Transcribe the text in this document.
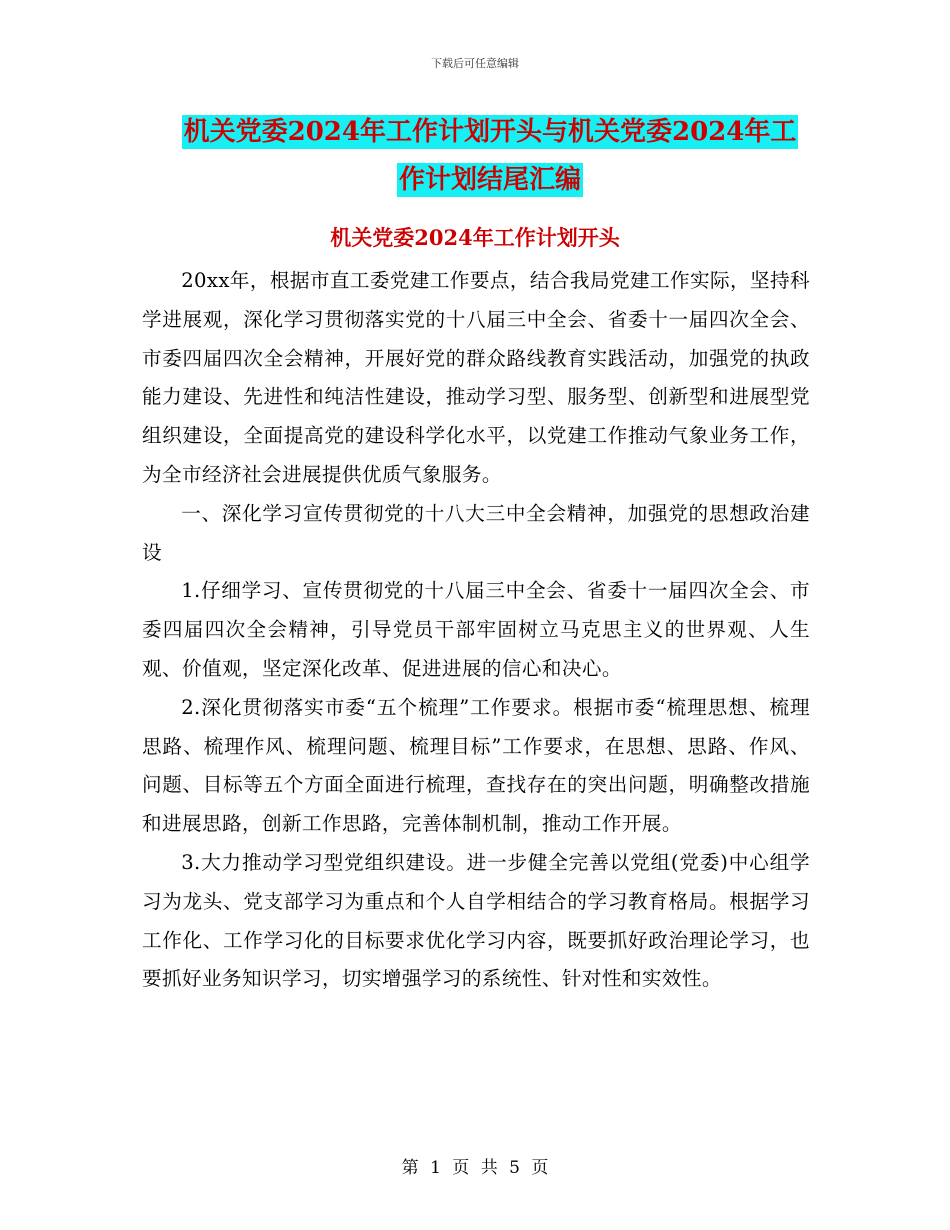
下载后可任意编辑
机关党委2024年工作计划开头与机关党委2024年工
作计划结尾汇编
机关党委2024年工作计划开头

20xx年，根据市直工委党建工作要点，结合我局党建工作实际，坚持科学进展观，深化学习贯彻落实党的十八届三中全会、省委十一届四次全会、市委四届四次全会精神，开展好党的群众路线教育实践活动，加强党的执政能力建设、先进性和纯洁性建设，推动学习型、服务型、创新型和进展型党组织建设，全面提高党的建设科学化水平，以党建工作推动气象业务工作，为全市经济社会进展提供优质气象服务。

一、深化学习宣传贯彻党的十八大三中全会精神，加强党的思想政治建设

1.仔细学习、宣传贯彻党的十八届三中全会、省委十一届四次全会、市委四届四次全会精神，引导党员干部牢固树立马克思主义的世界观、人生观、价值观，坚定深化改革、促进进展的信心和决心。

2.深化贯彻落实市委“五个梳理”工作要求。根据市委“梳理思想、梳理思路、梳理作风、梳理问题、梳理目标”工作要求，在思想、思路、作风、问题、目标等五个方面全面进行梳理，查找存在的突出问题，明确整改措施和进展思路，创新工作思路，完善体制机制，推动工作开展。

3.大力推动学习型党组织建设。进一步健全完善以党组(党委)中心组学习为龙头、党支部学习为重点和个人自学相结合的学习教育格局。根据学习工作化、工作学习化的目标要求优化学习内容，既要抓好政治理论学习，也要抓好业务知识学习，切实增强学习的系统性、针对性和实效性。

第 1 页 共 5 页
